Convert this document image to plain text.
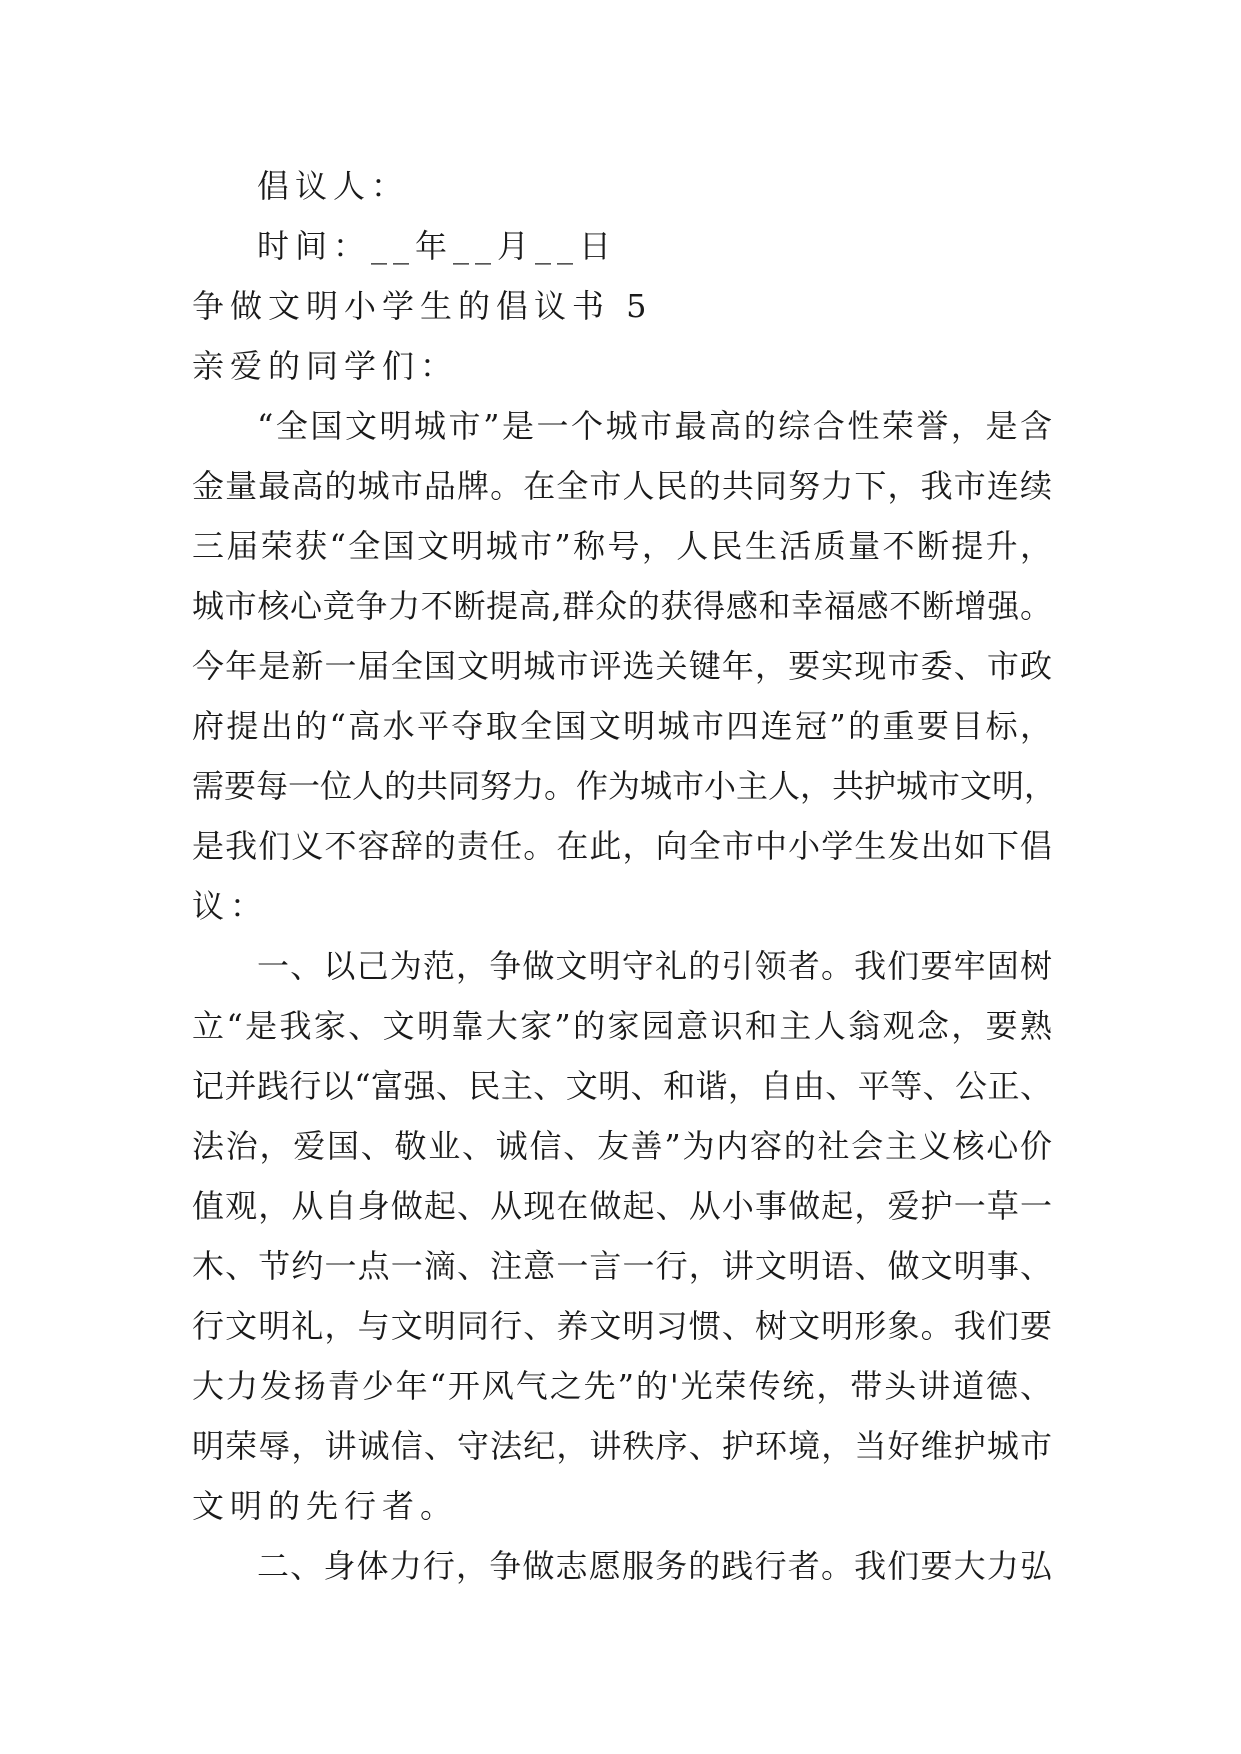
倡议人：
时间：__年__月__日
争做文明小学生的倡议书 5
亲爱的同学们：
“全国文明城市”是一个城市最高的综合性荣誉，是含
金量最高的城市品牌。在全市人民的共同努力下，我市连续
三届荣获“全国文明城市”称号，人民生活质量不断提升，
城市核心竞争力不断提高,群众的获得感和幸福感不断增强。
今年是新一届全国文明城市评选关键年，要实现市委、市政
府提出的“高水平夺取全国文明城市四连冠”的重要目标，
需要每一位人的共同努力。作为城市小主人，共护城市文明，
是我们义不容辞的责任。在此，向全市中小学生发出如下倡
议：
一、以己为范，争做文明守礼的引领者。我们要牢固树
立“是我家、文明靠大家”的家园意识和主人翁观念，要熟
记并践行以“富强、民主、文明、和谐，自由、平等、公正、
法治，爱国、敬业、诚信、友善”为内容的社会主义核心价
值观，从自身做起、从现在做起、从小事做起，爱护一草一
木、节约一点一滴、注意一言一行，讲文明语、做文明事、
行文明礼，与文明同行、养文明习惯、树文明形象。我们要
大力发扬青少年“开风气之先”的'光荣传统，带头讲道德、
明荣辱，讲诚信、守法纪，讲秩序、护环境，当好维护城市
文明的先行者。
二、身体力行，争做志愿服务的践行者。我们要大力弘
